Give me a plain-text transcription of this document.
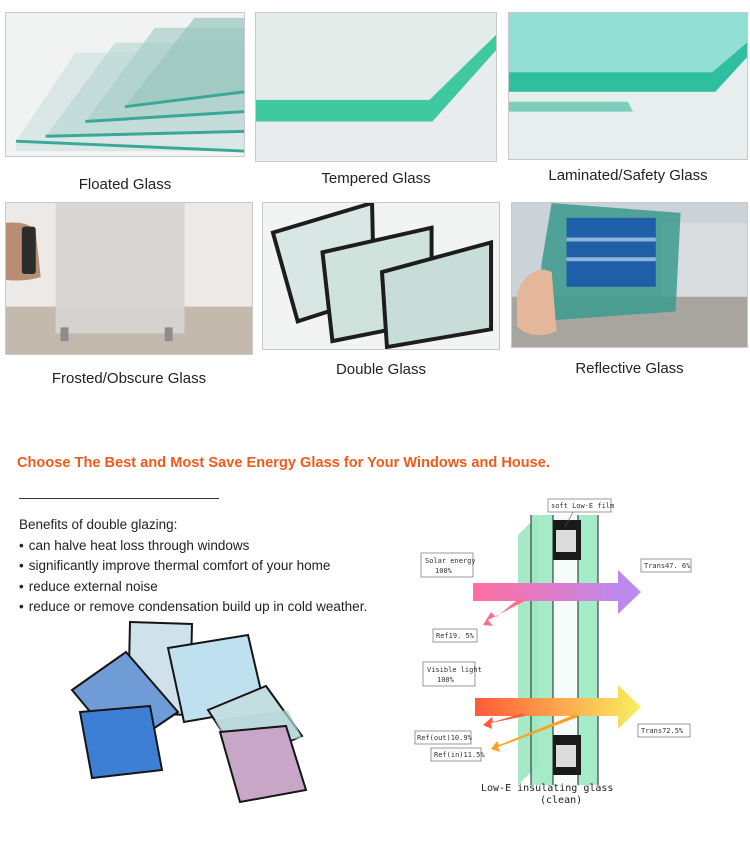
Floated Glass	Tempered Glass	Laminated/Safety Glass
Frosted/Obscure Glass
Double Glass	Reflective Glass
Choose The Best and Most Save Energy Glass for Your Windows and House.
Benefits of double glazing:
• can halve heat loss through windows
• significantly improve thermal comfort of your home
• reduce external noise
• reduce or remove condensation build up in cold weather.
soft Low-E film
Solar energy
100%
Trans47. 6%
Ref19. 5%
Visible light
100%
Trans72.5%
Ref(out)10.9%
Ref(in)11.5%
Low-E insulating glass
(clean)
